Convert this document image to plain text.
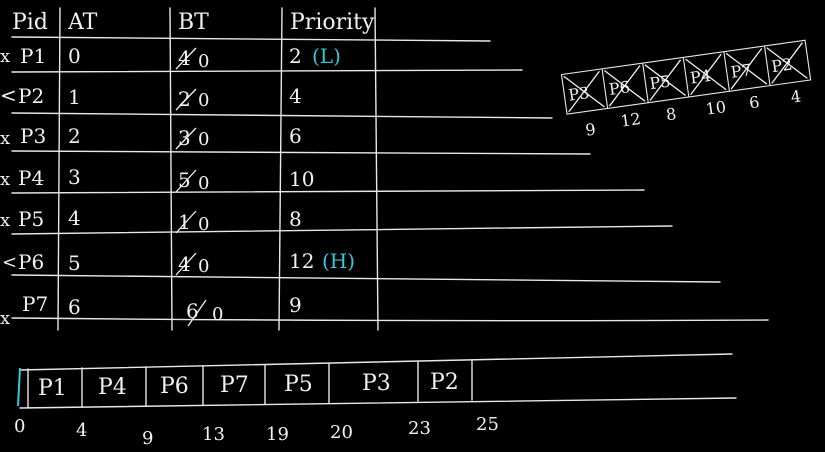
Pid AT	BT	Priority
x P1 0	4 0	2 (L)
< P2 1	2 0	4
x P3 2	3 0	6
x P4 3	5 0	10
x P5 4	1 0	8
< P6 5	4 0	12 (H)
x
P7 6	6 0	9
P3 P6 P5 P4 P7 P2
9 12 8 10 6 4
P1 P4 P6 P7 P5 P3 P2
0	4	9	13 19 20	23	25
